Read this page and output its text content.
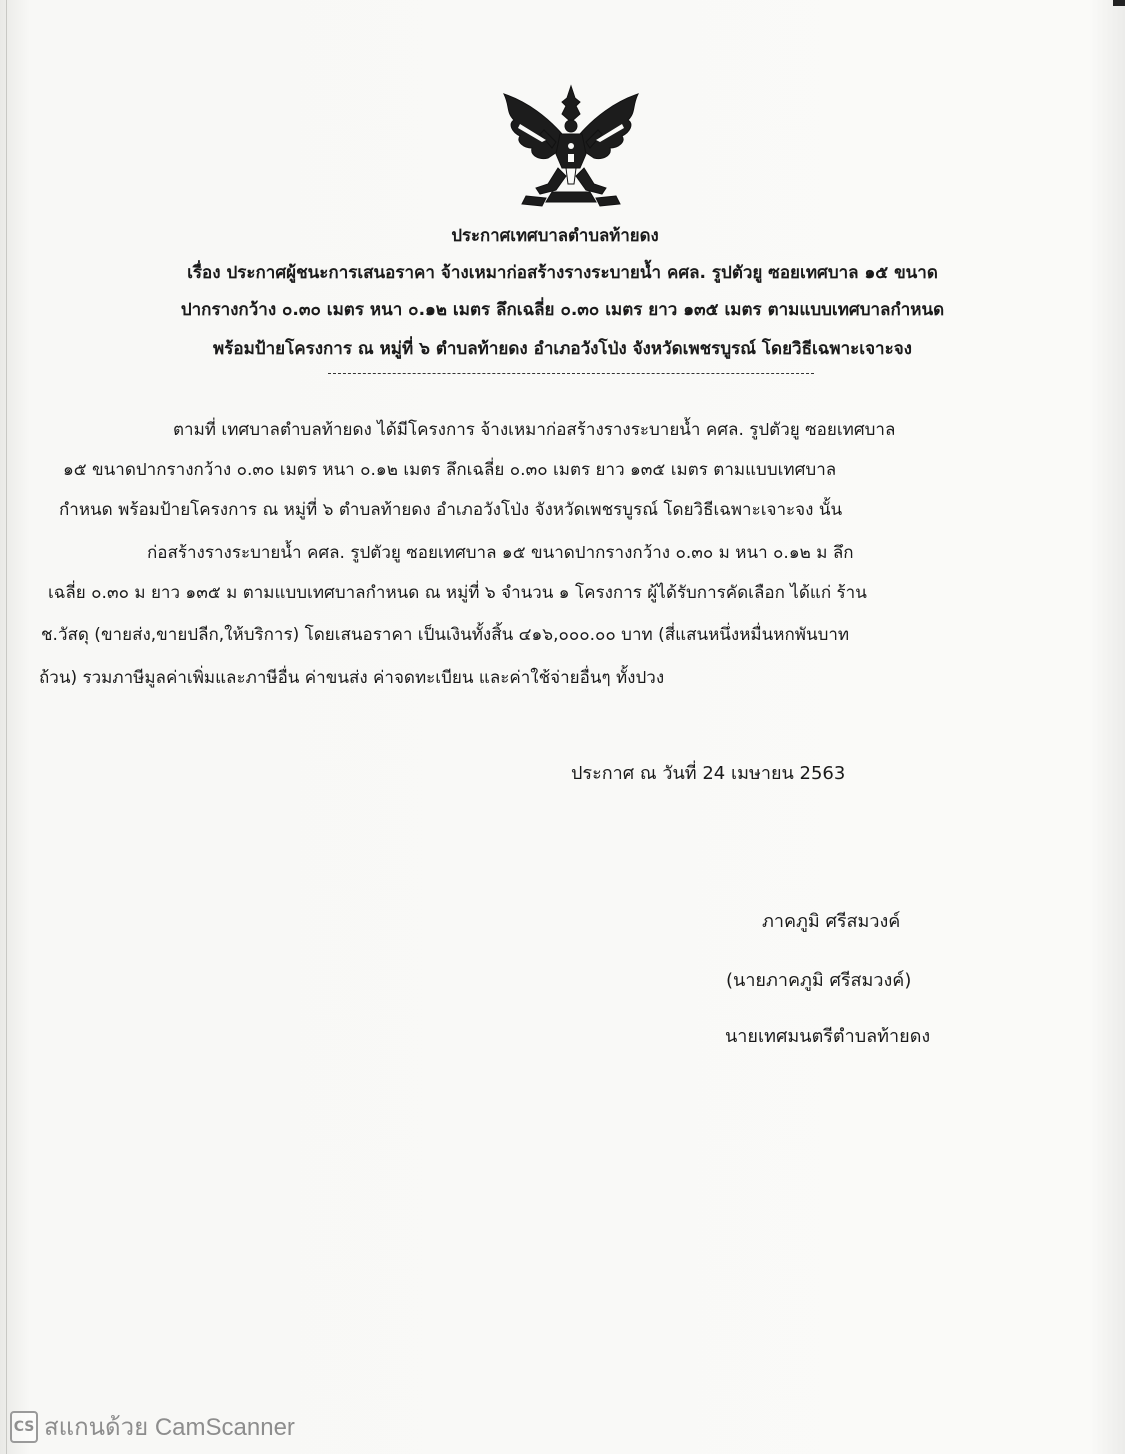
ประกาศเทศบาลตำบลท้ายดง
เรื่อง ประกาศผู้ชนะการเสนอราคา จ้างเหมาก่อสร้างรางระบายน้ำ คศล. รูปตัวยู ซอยเทศบาล ๑๕ ขนาด
ปากรางกว้าง ๐.๓๐ เมตร หนา ๐.๑๒ เมตร ลึกเฉลี่ย ๐.๓๐ เมตร ยาว ๑๓๕ เมตร ตามแบบเทศบาลกำหนด
พร้อมป้ายโครงการ ณ หมู่ที่ ๖ ตำบลท้ายดง อำเภอวังโป่ง จังหวัดเพชรบูรณ์ โดยวิธีเฉพาะเจาะจง
ตามที่ เทศบาลตำบลท้ายดง ได้มีโครงการ จ้างเหมาก่อสร้างรางระบายน้ำ คศล. รูปตัวยู ซอยเทศบาล
๑๕ ขนาดปากรางกว้าง ๐.๓๐ เมตร หนา ๐.๑๒ เมตร ลึกเฉลี่ย ๐.๓๐ เมตร ยาว ๑๓๕ เมตร ตามแบบเทศบาล
กำหนด พร้อมป้ายโครงการ ณ หมู่ที่ ๖ ตำบลท้ายดง อำเภอวังโป่ง จังหวัดเพชรบูรณ์ โดยวิธีเฉพาะเจาะจง นั้น
ก่อสร้างรางระบายน้ำ คศล. รูปตัวยู ซอยเทศบาล ๑๕ ขนาดปากรางกว้าง ๐.๓๐ ม หนา ๐.๑๒ ม ลึก
เฉลี่ย ๐.๓๐ ม ยาว ๑๓๕ ม ตามแบบเทศบาลกำหนด ณ หมู่ที่ ๖ จำนวน ๑ โครงการ ผู้ได้รับการคัดเลือก ได้แก่ ร้าน
ช.วัสดุ (ขายส่ง,ขายปลีก,ให้บริการ) โดยเสนอราคา เป็นเงินทั้งสิ้น ๔๑๖,๐๐๐.๐๐ บาท (สี่แสนหนึ่งหมื่นหกพันบาท
ถ้วน) รวมภาษีมูลค่าเพิ่มและภาษีอื่น ค่าขนส่ง ค่าจดทะเบียน และค่าใช้จ่ายอื่นๆ ทั้งปวง
ประกาศ ณ วันที่ 24 เมษายน 2563
ภาคภูมิ ศรีสมวงค์
(นายภาคภูมิ ศรีสมวงค์)
นายเทศมนตรีตำบลท้ายดง
CS สแกนด้วย CamScanner
